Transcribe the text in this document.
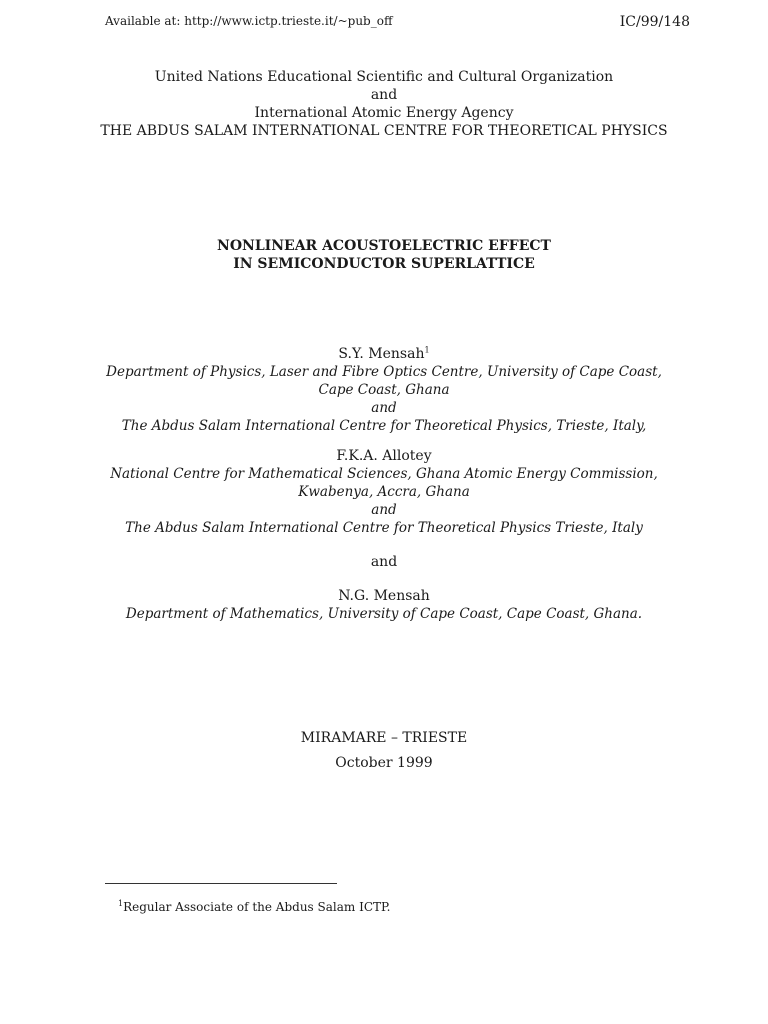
Available at: http://www.ictp.trieste.it/~pub_off	IC/99/148
United Nations Educational Scientific and Cultural Organization
and
International Atomic Energy Agency
THE ABDUS SALAM INTERNATIONAL CENTRE FOR THEORETICAL PHYSICS
NONLINEAR ACOUSTOELECTRIC EFFECT
IN SEMICONDUCTOR SUPERLATTICE
S.Y. Mensah$^1$
Department of Physics, Laser and Fibre Optics Centre, University of Cape Coast,
Cape Coast, Ghana
and
The Abdus Salam International Centre for Theoretical Physics, Trieste, Italy,
F.K.A. Allotey
National Centre for Mathematical Sciences, Ghana Atomic Energy Commission,
Kwabenya, Accra, Ghana
and
The Abdus Salam International Centre for Theoretical Physics Trieste, Italy
and
N.G. Mensah
Department of Mathematics, University of Cape Coast, Cape Coast, Ghana.
MIRAMARE – TRIESTE
October 1999
$^1$Regular Associate of the Abdus Salam ICTP.
